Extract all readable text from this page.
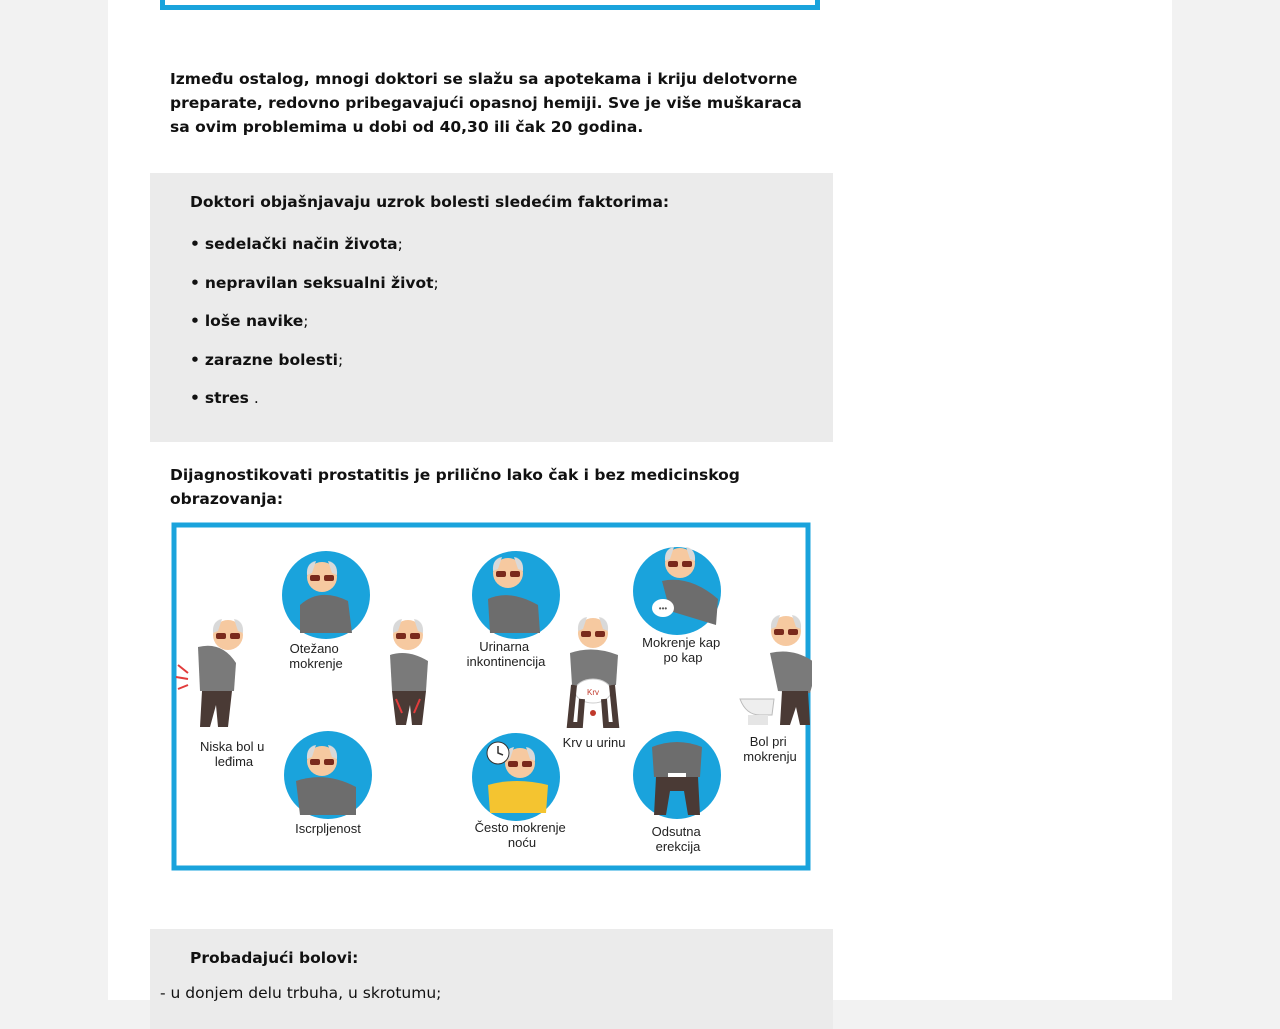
Između ostalog, mnogi doktori se slažu sa apotekama i kriju delotvorne preparate, redovno pribegavajući opasnoj hemiji. Sve je više muškaraca sa ovim problemima u dobi od 40,30 ili čak 20 godina.

Doktori objašnjavaju uzrok bolesti sledećim faktorima:

• sedelački način života;
• nepravilan seksualni život;
• loše navike;
• zarazne bolesti;
• stres .

Dijagnostikovati prostatitis je prilično lako čak i bez medicinskog obrazovanja:

•••
Krv
Otežano mokrenje
Urinarna inkontinencija
Mokrenje kap po kap
Niska bol u leđima
Krv u urinu	Bol pri mokrenju
Iscrpljenost	Često mokrenje noću
Odsutna erekcija

Probadajući bolovi:

- u donjem delu trbuha, u skrotumu;
